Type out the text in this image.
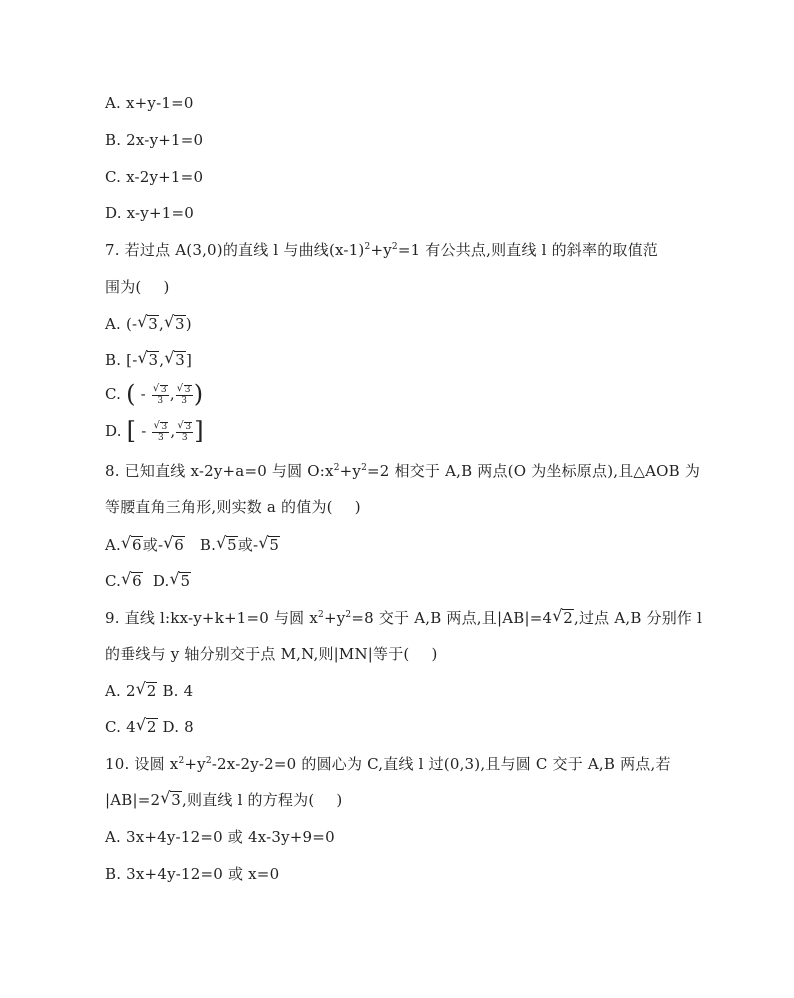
A. x+y-1=0
B. 2x-y+1=0
C. x-2y+1=0
D. x-y+1=0
7. 若过点 A(3,0)的直线 l 与曲线$(x-1)^2+y^2=1$ 有公共点,则直线 l 的斜率的取值范
围为( )
A. (- √ 3, √ 3)
B. [- √ 3, √ 3]
C. ( - √ $\frac{3}{3}$ , √ $\frac{3}{3}$ )
D. [ - √ $\frac{3}{3}$ , √ $\frac{3}{3}$ ]
8. 已知直线 x-2y+a=0 与圆 $O:x^2+y^2=2$ 相交于 A,B 两点(O 为坐标原点),且△AOB 为
等腰直角三角形,则实数 a 的值为( )
A. √ 6或- √ 6 B. √ 5或- √ 5
C. √ 6 D. √ 5
9. 直线 l:kx-y+k+1=0 与圆 $x^2+y^2=8$ 交于 A,B 两点,且|AB|=4 √ 2,过点 A,B 分别作 l
的垂线与 y 轴分别交于点 M,N,则|MN|等于( )
A. 2 √ 2 B. 4
C. 4 √ 2 D. 8
10. 设圆 $x^2+y^2-2x-2y-2=0$ 的圆心为 C,直线 l 过(0,3),且与圆 C 交于 A,B 两点,若
|AB|=2 √ 3,则直线 l 的方程为( )
A. 3x+4y-12=0 或 4x-3y+9=0
B. 3x+4y-12=0 或 x=0
